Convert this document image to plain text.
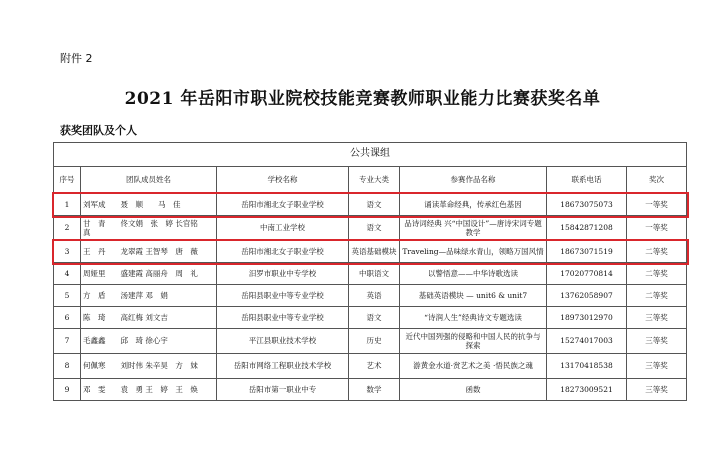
附件 2
2021 年岳阳市职业院校技能竞赛教师职业能力比赛获奖名单
获奖团队及个人
公共课组						
序号	团队成员姓名	学校名称	专业大类	参赛作品名称	联系电话	奖次
1	刘军成　　聂　顺　　马　佳	岳阳市湘北女子职业学校	语文	诵读革命经典，传承红色基因	18673075073	一等奖
2	甘　青　　佟文娟　张　婷 长官铭　 真	中南工业学校	语文	品诗词经典 兴“中国设计”—唐诗宋词专题教学	15842871208	一等奖
3	王　丹　　龙翠霞 王智琴　唐　薇	岳阳市湘北女子职业学校	英语基础模块	Traveling—品味绿水青山，领略万国风情	18673071519	二等奖
4	周娅里　　盛建霞 高丽舟　周　礼	汨罗市职业中专学校	中职语文	以警悟意——中华诗歌选读	17020770814	二等奖
5	方　盾　　汤建萍 邓　娟	岳阳县职业中等专业学校	英语	基础英语模块 — unit6 & unit7	13762058907	二等奖
6	陈　琦　　高红梅 刘文吉	岳阳县职业中等专业学校	语文	“诗润人生”经典诗文专题选读	18973012970	三等奖
7	毛鑫鑫　　邱　琦 徐心宇	平江县职业技术学校	历史	近代中国列强的侵略和中国人民的抗争与探索	15274017003	三等奖
8	何佩寒　　刘时伟 朱辛昊　方　妹	岳阳市网络工程职业技术学校	艺术	游黄金水道·赏艺术之美 ·悟民族之魂	13170418538	三等奖
9	邓　雯　　袁　勇 王　婷　王　焕	岳阳市第一职业中专	数学	函数	18273009521	三等奖
